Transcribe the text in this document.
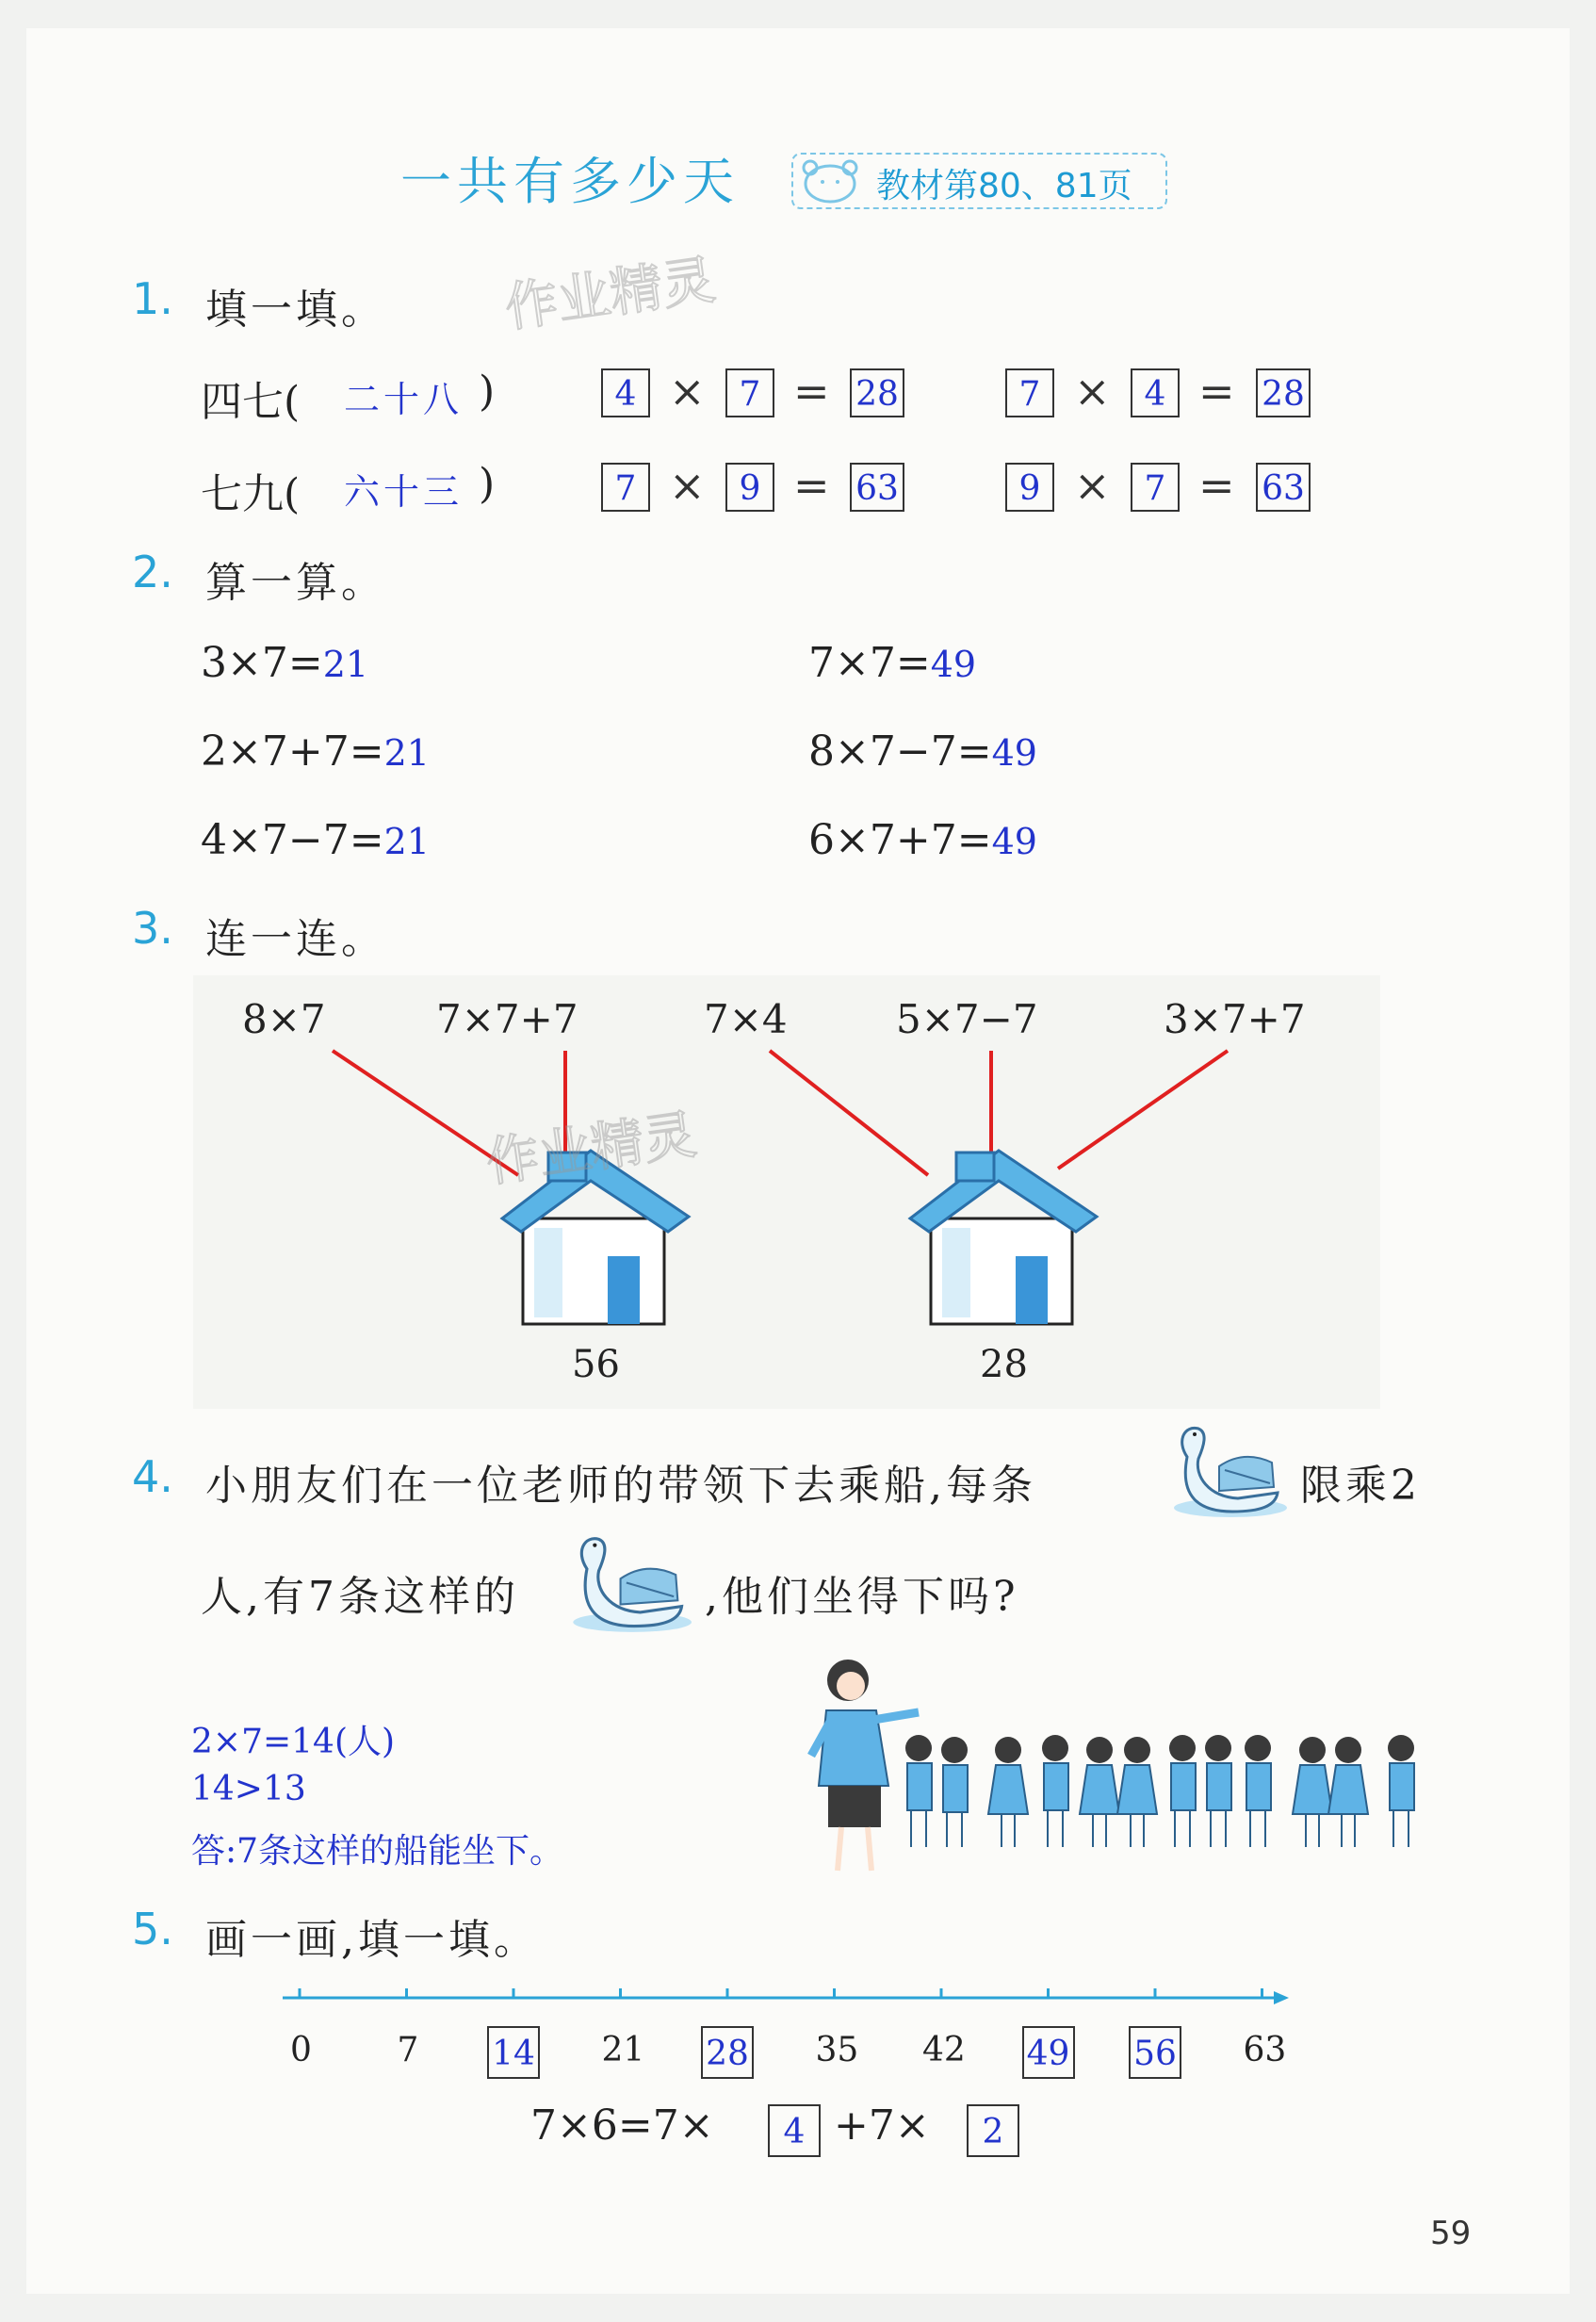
一共有多少天	教材第80、81页
1. 填一填。 作业精灵
四七( 二十八 )	4 ×	7 = 28	7 ×	4 = 28
七九( 六十三 )	7 ×	9 = 63	9 ×	7 = 63
2. 算一算。
3×7=21	7×7=49
2×7+7=21	8×7−7=49
4×7−7=21	6×7+7=49
3. 连一连。
8×7	7×7+7	7×4	5×7−7	3×7+7
56	28
作业精灵
4. 小朋友们在一位老师的带领下去乘船,每条	限乘2
人,有7条这样的	,他们坐得下吗?
2×7=14(人)
14>13
答:7条这样的船能坐下。
5. 画一画,填一填。
0	7 14 21 28 35 42 49 56 63
7×6=7×	4 +7×	2
59
